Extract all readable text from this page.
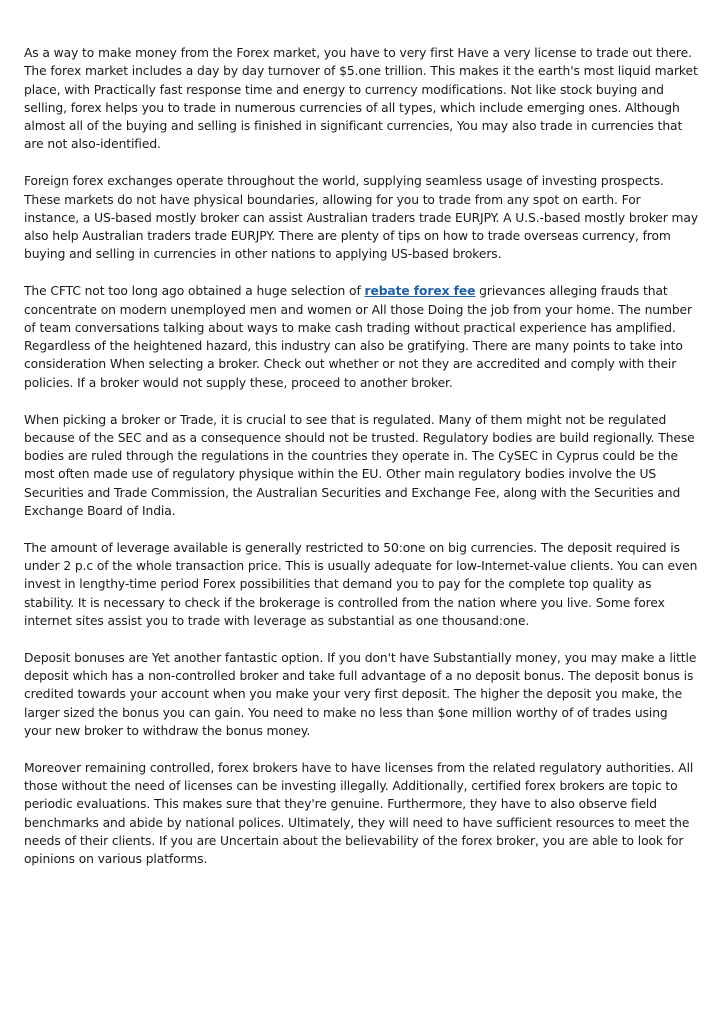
As a way to make money from the Forex market, you have to very first Have a very license to trade out there. The forex market includes a day by day turnover of $5.one trillion. This makes it the earth's most liquid market place, with Practically fast response time and energy to currency modifications. Not like stock buying and selling, forex helps you to trade in numerous currencies of all types, which include emerging ones. Although almost all of the buying and selling is finished in significant currencies, You may also trade in currencies that are not also-identified.

Foreign forex exchanges operate throughout the world, supplying seamless usage of investing prospects. These markets do not have physical boundaries, allowing for you to trade from any spot on earth. For instance, a US-based mostly broker can assist Australian traders trade EURJPY. A U.S.-based mostly broker may also help Australian traders trade EURJPY. There are plenty of tips on how to trade overseas currency, from buying and selling in currencies in other nations to applying US-based brokers.

The CFTC not too long ago obtained a huge selection of rebate forex fee grievances alleging frauds that concentrate on modern unemployed men and women or All those Doing the job from your home. The number of team conversations talking about ways to make cash trading without practical experience has amplified. Regardless of the heightened hazard, this industry can also be gratifying. There are many points to take into consideration When selecting a broker. Check out whether or not they are accredited and comply with their policies. If a broker would not supply these, proceed to another broker.

When picking a broker or Trade, it is crucial to see that is regulated. Many of them might not be regulated because of the SEC and as a consequence should not be trusted. Regulatory bodies are build regionally. These bodies are ruled through the regulations in the countries they operate in. The CySEC in Cyprus could be the most often made use of regulatory physique within the EU. Other main regulatory bodies involve the US Securities and Trade Commission, the Australian Securities and Exchange Fee, along with the Securities and Exchange Board of India.

The amount of leverage available is generally restricted to 50:one on big currencies. The deposit required is under 2 p.c of the whole transaction price. This is usually adequate for low-Internet-value clients. You can even invest in lengthy-time period Forex possibilities that demand you to pay for the complete top quality as stability. It is necessary to check if the brokerage is controlled from the nation where you live. Some forex internet sites assist you to trade with leverage as substantial as one thousand:one.

Deposit bonuses are Yet another fantastic option. If you don't have Substantially money, you may make a little deposit which has a non-controlled broker and take full advantage of a no deposit bonus. The deposit bonus is credited towards your account when you make your very first deposit. The higher the deposit you make, the larger sized the bonus you can gain. You need to make no less than $one million worthy of of trades using your new broker to withdraw the bonus money.

Moreover remaining controlled, forex brokers have to have licenses from the related regulatory authorities. All those without the need of licenses can be investing illegally. Additionally, certified forex brokers are topic to periodic evaluations. This makes sure that they're genuine. Furthermore, they have to also observe field benchmarks and abide by national polices. Ultimately, they will need to have sufficient resources to meet the needs of their clients. If you are Uncertain about the believability of the forex broker, you are able to look for opinions on various platforms.
